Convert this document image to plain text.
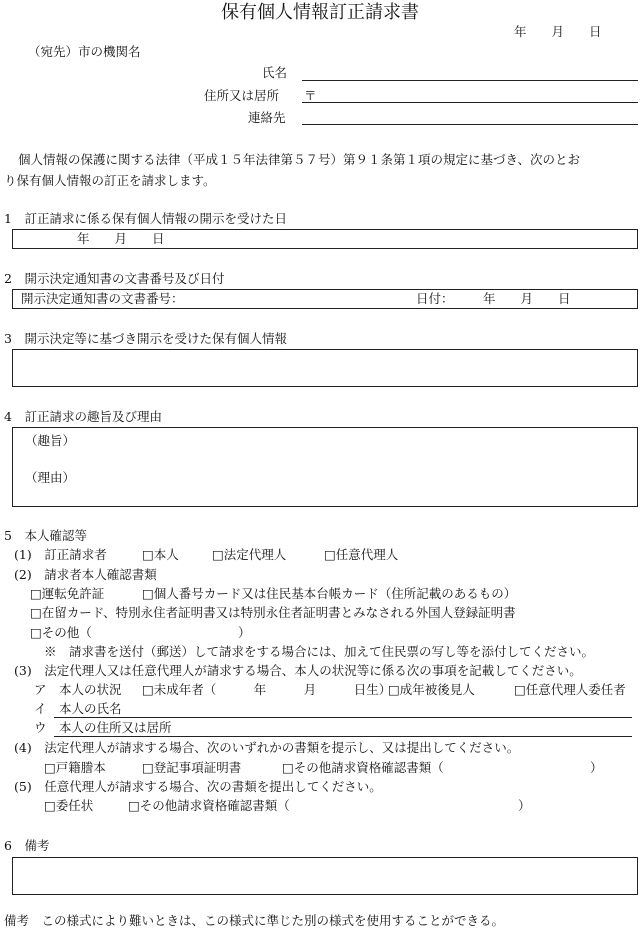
保有個人情報訂正請求書
年　　月　　日
（宛先）市の機関名
氏名
住所又は居所 〒
連絡先
個人情報の保護に関する法律（平成１５年法律第５７号）第９１条第１項の規定に基づき、次のとお
り保有個人情報の訂正を請求します。
1　訂正請求に係る保有個人情報の開示を受けた日
年　　月　　日
2　開示決定通知書の文書番号及び日付
開示決定通知書の文書番号：	日付： 年　　月　　日
3　開示決定等に基づき開示を受けた保有個人情報
4　訂正請求の趣旨及び理由
（趣旨）
（理由）
5　本人確認等
(1)　訂正請求者	□本人	□法定代理人	□任意代理人
(2)　請求者本人確認書類
□運転免許証	□個人番号カード又は住民基本台帳カード（住所記載のあるもの）
□在留カード、特別永住者証明書又は特別永住者証明書とみなされる外国人登録証明書
□その他（	）
※　請求書を送付（郵送）して請求をする場合には、加えて住民票の写し等を添付してください。
(3)　法定代理人又は任意代理人が請求する場合、本人の状況等に係る次の事項を記載してください。
ア　本人の状況 □未成年者（　　　年　　　月　　　日生）
□成年被後見人	□任意代理人委任者
イ　本人の氏名
ウ　本人の住所又は居所
(4)　法定代理人が請求する場合、次のいずれかの書類を提示し、又は提出してください。
□戸籍謄本	□登記事項証明書	□その他請求資格確認書類（	）
(5)　任意代理人が請求する場合、次の書類を提出してください。
□委任状	□その他請求資格確認書類（	）
6　備考
備考　この様式により難いときは、この様式に準じた別の様式を使用することができる。
